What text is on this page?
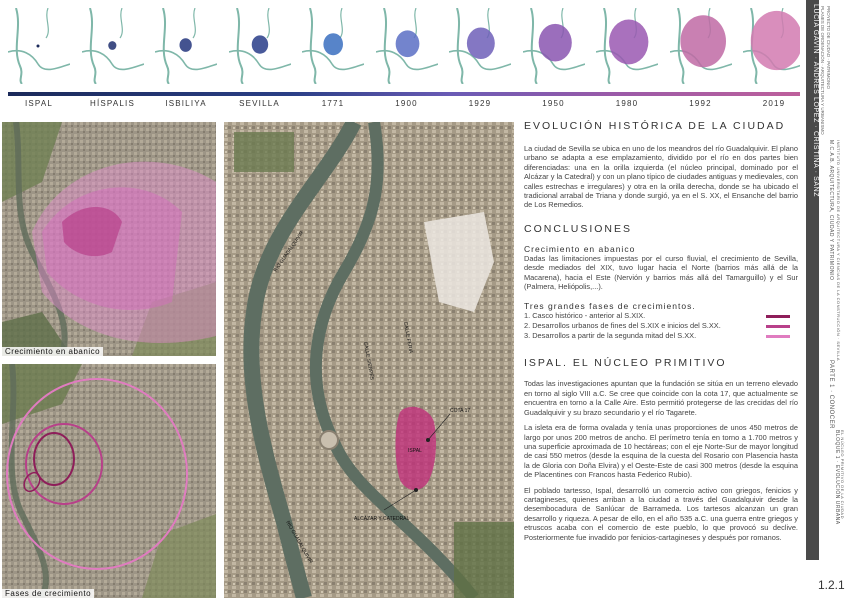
ISPAL	HÍSPALIS	ISBILIYA	SEVILLA	1771	1900	1929	1950	1980	1992	2019
Crecimiento en abanico
Fases de crecimiento
COTA 17
ISPAL
ALCÁZAR Y CATEDRAL
RÍO GUADALQUIVIR
RÍO GUADALQUIVIR
CALLE SIERPES
CALLE FERIA
EVOLUCIÓN HISTÓRICA DE LA CIUDAD

La ciudad de Sevilla se ubica en uno de los meandros del río Guadalquivir. El plano urbano se adapta a ese emplazamiento, dividido por el río en dos partes bien diferenciadas: una en la orilla izquierda (el núcleo principal, dominado por el Alcázar y la Catedral) y con un plano típico de ciudades antiguas y medievales, con calles estrechas e irregulares) y otra en la orilla derecha, donde se ha ubicado el tradicional arrabal de Triana y donde surgió, ya en el S. XX, el Ensanche del barrio de Los Remedios.

CONCLUSIONES

Crecimiento en abanico

Dadas las limitaciones impuestas por el curso fluvial, el crecimiento de Sevilla, desde mediados del XIX, tuvo lugar hacia el Norte (barrios más allá de la Macarena), hacia el Este (Nervión y barrios más allá del Tamarguillo) y el Sur (Palmera, Heliópolis,...).

Tres grandes fases de crecimientos.

1. Casco histórico - anterior al S.XIX.
2. Desarrollos urbanos de fines del S.XIX e inicios del S.XX.
3. Desarrollos a partir de la segunda mitad del S.XX.
ISPAL. EL NÚCLEO PRIMITIVO

Todas las investigaciones apuntan que la fundación se sitúa en un terreno elevado en torno al siglo VIII a.C. Se cree que coincide con la cota 17, que actualmente se encuentra en torno a la Calle Aire. Esto permitió protegerse de las crecidas del río Guadalquivir y su brazo secundario y el río Tagarete.

La isleta era de forma ovalada y tenía unas proporciones de unos 450 metros de largo por unos 200 metros de ancho. El perímetro tenía en torno a 1.700 metros y una superficie aproximada de 10 hectáreas; con el eje Norte-Sur de mayor longitud de casi 550 metros (desde la esquina de la cuesta del Rosario con Plasencia hasta la de Gloria con Doña Elvira) y el Oeste-Este de casi 300 metros (desde la esquina de Placentines con Francos hasta Federico Rubio).

El poblado tartesso, Ispal, desarrolló un comercio activo con griegos, fenicios y cartagineses, quienes arriban a la ciudad a través del Guadalquivir desde la desembocadura de Sanlúcar de Barrameda. Los tartesos alcanzan un gran desarrollo y riqueza. A pesar de ello, en el año 535 a.C. una guerra entre griegos y etruscos acaba con el comercio de este pueblo, lo que provocó su declive. Posteriormente fue invadido por fenicios-cartagineses y después por romanos.

LUCÍA GAVÍN · ANDRÉS LÓPEZ · CRISTINA · SANZ PLANES DE ORDENACIÓN · ARQUITECTURA Y URBANISMO PROYECTO DE CIUDAD · PATRIMONIO
M.C.A.B. ARQUITECTURA, CIUDAD Y PATRIMONIO INSTITUTO UNIVERSITARIO DE ARQUITECTURA Y CIENCIAS DE LA CONSTRUCCIÓN · SEVILLA
PARTE 1 · CONOCER
BLOQUE 1 · EVOLUCIÓN URBANA EL NÚCLEO PRIMITIVO DE LA CIUDAD
1.2.1
